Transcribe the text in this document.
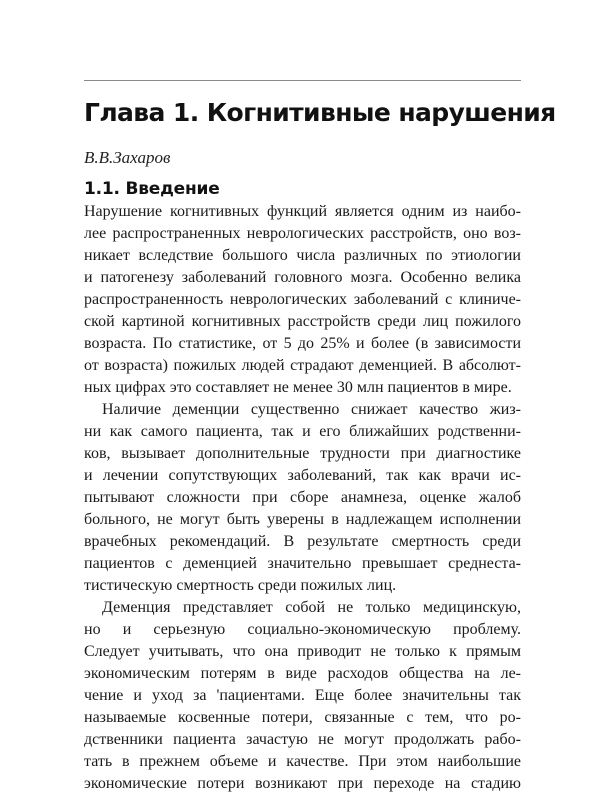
Глава 1. Когнитивные нарушения

В.В.Захаров

1.1. Введение

Нарушение когнитивных функций является одним из наибо-
лее распространенных неврологических расстройств, оно воз-
никает вследствие большого числа различных по этиологии
и патогенезу заболеваний головного мозга. Особенно велика
распространенность неврологических заболеваний с клиниче-
ской картиной когнитивных расстройств среди лиц пожилого
возраста. По статистике, от 5 до 25% и более (в зависимости
от возраста) пожилых людей страдают деменцией. В абсолют-
ных цифрах это составляет не менее 30 млн пациентов в мире.

Наличие деменции существенно снижает качество жиз-
ни как самого пациента, так и его ближайших родственни-
ков, вызывает дополнительные трудности при диагностике
и лечении сопутствующих заболеваний, так как врачи ис-
пытывают сложности при сборе анамнеза, оценке жалоб
больного, не могут быть уверены в надлежащем исполнении
врачебных рекомендаций. В результате смертность среди
пациентов с деменцией значительно превышает среднеста-
тистическую смертность среди пожилых лиц.

Деменция представляет собой не только медицинскую,
но и серьезную социально-экономическую проблему.
Следует учитывать, что она приводит не только к прямым
экономическим потерям в виде расходов общества на ле-
чение и уход за 'пациентами. Еще более значительны так
называемые косвенные потери, связанные с тем, что ро-
дственники пациента зачастую не могут продолжать рабо-
тать в прежнем объеме и качестве. При этом наибольшие
экономические потери возникают при переходе на стадию
